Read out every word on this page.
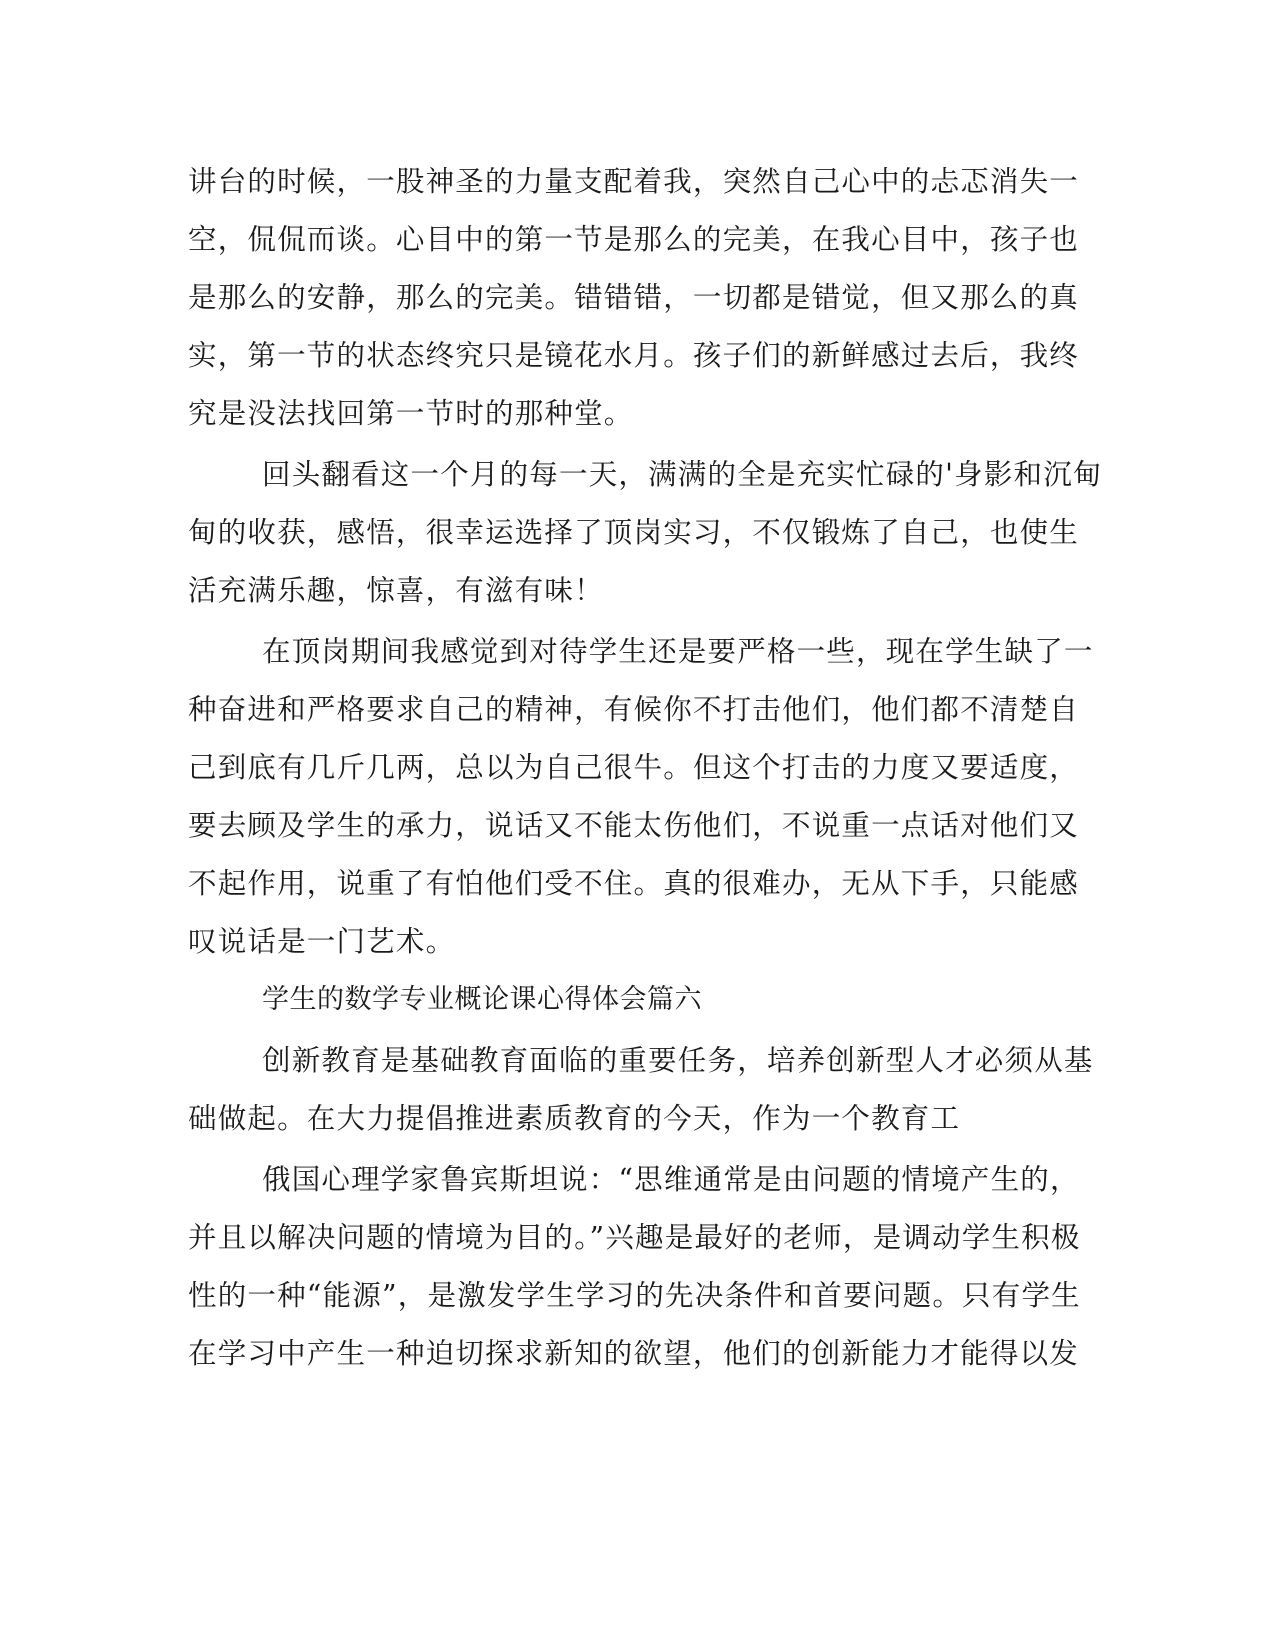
讲台的时候，一股神圣的力量支配着我，突然自己心中的忐忑消失一
空，侃侃而谈。心目中的第一节是那么的完美，在我心目中，孩子也
是那么的安静，那么的完美。错错错，一切都是错觉，但又那么的真
实，第一节的状态终究只是镜花水月。孩子们的新鲜感过去后，我终
究是没法找回第一节时的那种堂。
回头翻看这一个月的每一天，满满的全是充实忙碌的'身影和沉甸
甸的收获，感悟，很幸运选择了顶岗实习，不仅锻炼了自己，也使生
活充满乐趣，惊喜，有滋有味！
在顶岗期间我感觉到对待学生还是要严格一些，现在学生缺了一
种奋进和严格要求自己的精神，有候你不打击他们，他们都不清楚自
己到底有几斤几两，总以为自己很牛。但这个打击的力度又要适度，
要去顾及学生的承力，说话又不能太伤他们，不说重一点话对他们又
不起作用，说重了有怕他们受不住。真的很难办，无从下手，只能感
叹说话是一门艺术。
学生的数学专业概论课心得体会篇六
创新教育是基础教育面临的重要任务，培养创新型人才必须从基
础做起。在大力提倡推进素质教育的今天，作为一个教育工
俄国心理学家鲁宾斯坦说：“思维通常是由问题的情境产生的，
并且以解决问题的情境为目的。”兴趣是最好的老师，是调动学生积极
性的一种“能源”，是激发学生学习的先决条件和首要问题。只有学生
在学习中产生一种迫切探求新知的欲望，他们的创新能力才能得以发
